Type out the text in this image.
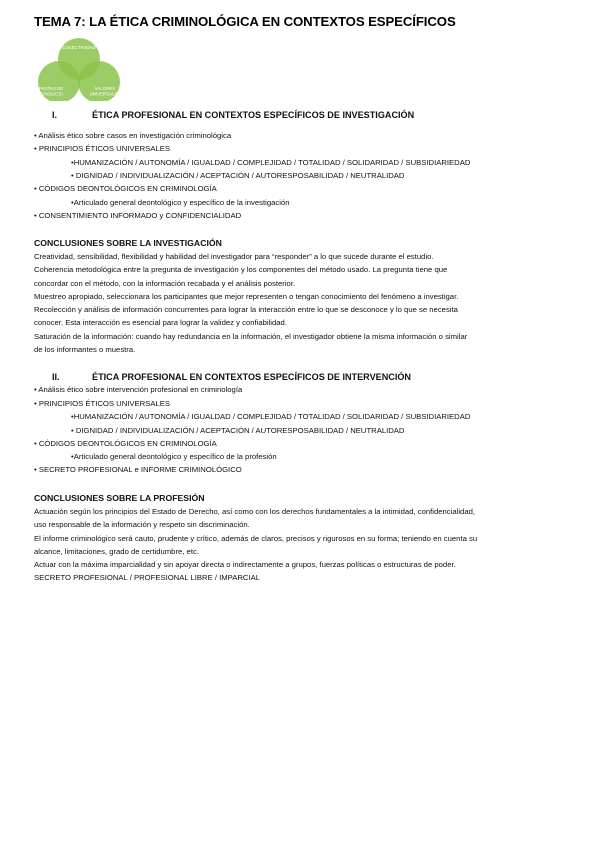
TEMA 7: LA ÉTICA CRIMINOLÓGICA EN CONTEXTOS ESPECÍFICOS
COLECTIVIDAD
PAUTAS DE
CONDUCTA
VALORES
UNIVERSALES
I.	ÉTICA PROFESIONAL EN CONTEXTOS ESPECÍFICOS DE INVESTIGACIÓN
• Análisis ético sobre casos en investigación criminológica
• PRINCIPIOS ÉTICOS UNIVERSALES
•HUMANIZACIÓN / AUTONOMÍA / IGUALDAD / COMPLEJIDAD / TOTALIDAD / SOLIDARIDAD / SUBSIDIARIEDAD
• DIGNIDAD / INDIVIDUALIZACIÓN / ACEPTACIÓN / AUTORESPOSABILIDAD / NEUTRALIDAD
• CÓDIGOS DEONTOLÓGICOS EN CRIMINOLOGÍA
•Articulado general deontológico y específico de la investigación
• CONSENTIMIENTO INFORMADO y CONFIDENCIALIDAD
CONCLUSIONES SOBRE LA INVESTIGACIÓN
Creatividad, sensibilidad, flexibilidad y habilidad del investigador para “responder” a lo que sucede durante el estudio.
Coherencia metodológica entre la pregunta de investigación y los componentes del método usado. La pregunta tiene que
concordar con el método, con la información recabada y el análisis posterior.
Muestreo apropiado, seleccionara los participantes que mejor representen o tengan conocimiento del fenómeno a investigar.
Recolección y análisis de información concurrentes para lograr la interacción entre lo que se desconoce y lo que se necesita
conocer. Esta interacción es esencial para lograr la validez y confiabilidad.
Saturación de la información: cuando hay redundancia en la información, el investigador obtiene la misma información o similar
de los informantes o muestra.
II.	ÉTICA PROFESIONAL EN CONTEXTOS ESPECÍFICOS DE INTERVENCIÓN
• Análisis ético sobre intervención profesional en criminología
• PRINCIPIOS ÉTICOS UNIVERSALES
•HUMANIZACIÓN / AUTONOMÍA / IGUALDAD / COMPLEJIDAD / TOTALIDAD / SOLIDARIDAD / SUBSIDIARIEDAD
• DIGNIDAD / INDIVIDUALIZACIÓN / ACEPTACIÓN / AUTORESPOSABILIDAD / NEUTRALIDAD
• CÓDIGOS DEONTOLÓGICOS EN CRIMINOLOGÍA
•Articulado general deontológico y específico de la profesión
• SECRETO PROFESIONAL e INFORME CRIMINOLÓGICO
CONCLUSIONES SOBRE LA PROFESIÓN
Actuación según los principios del Estado de Derecho, así como con los derechos fundamentales a la intimidad, confidencialidad,
uso responsable de la información y respeto sin discriminación.
El informe criminológico será cauto, prudente y crítico, además de claros, precisos y rigurosos en su forma; teniendo en cuenta su
alcance, limitaciones, grado de certidumbre, etc.
Actuar con la máxima imparcialidad y sin apoyar directa o indirectamente a grupos, fuerzas políticas o estructuras de poder.
SECRETO PROFESIONAL / PROFESIONAL LIBRE / IMPARCIAL
